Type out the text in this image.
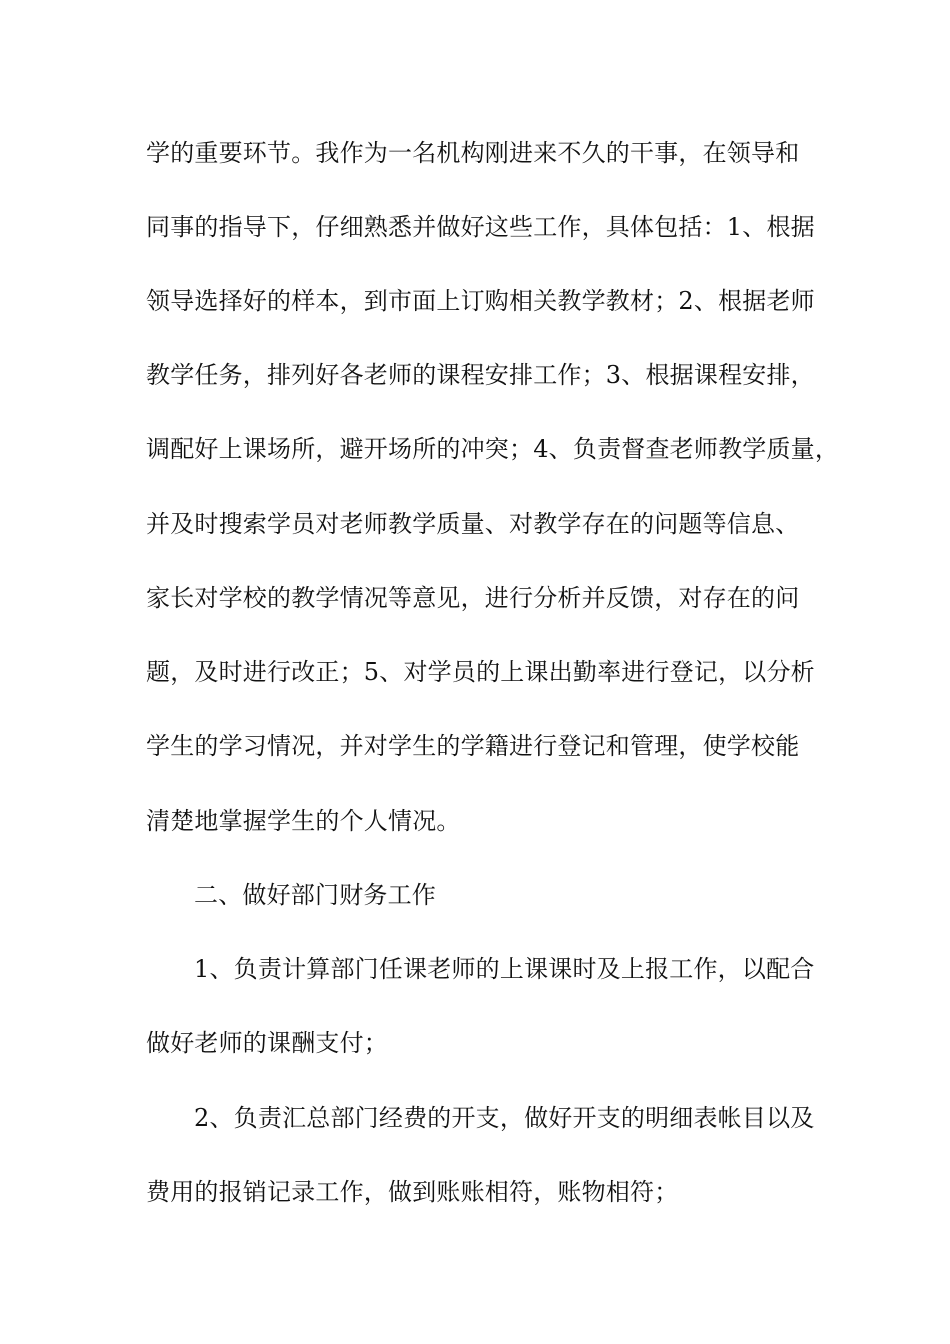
学的重要环节。我作为一名机构刚进来不久的干事，在领导和
同事的指导下，仔细熟悉并做好这些工作，具体包括：1、根据
领导选择好的样本，到市面上订购相关教学教材；2、根据老师
教学任务，排列好各老师的课程安排工作；3、根据课程安排，
调配好上课场所，避开场所的冲突；4、负责督查老师教学质量，
并及时搜索学员对老师教学质量、对教学存在的问题等信息、
家长对学校的教学情况等意见，进行分析并反馈，对存在的问
题，及时进行改正；5、对学员的上课出勤率进行登记，以分析
学生的学习情况，并对学生的学籍进行登记和管理，使学校能
清楚地掌握学生的个人情况。
二、做好部门财务工作
1、负责计算部门任课老师的上课课时及上报工作，以配合
做好老师的课酬支付；
2、负责汇总部门经费的开支，做好开支的明细表帐目以及
费用的报销记录工作，做到账账相符，账物相符；
